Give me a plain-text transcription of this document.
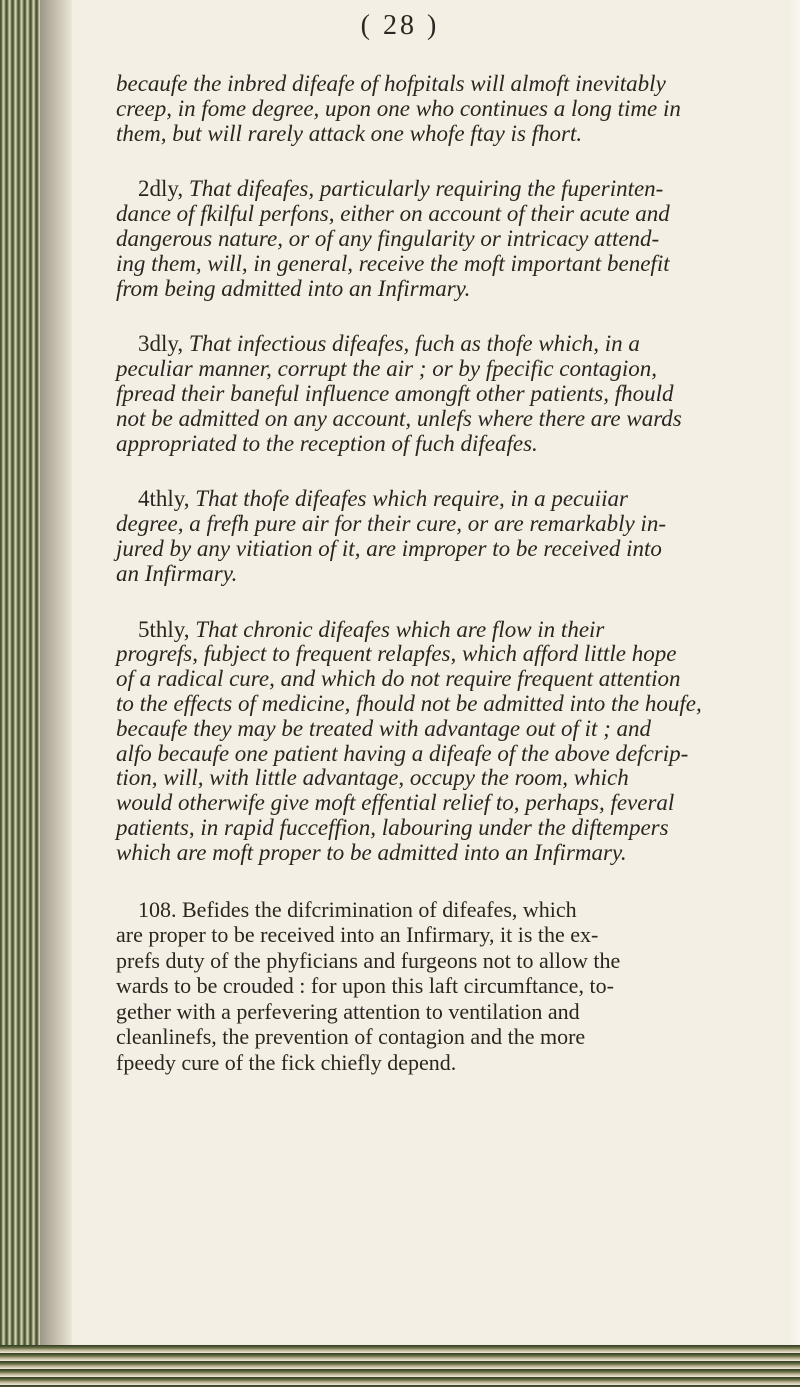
( 28 )
becaufe the inbred difeafe of hofpitals will almoft inevitably
creep, in fome degree, upon one who continues a long time in
them, but will rarely attack one whofe ftay is fhort.
2dly, That difeafes, particularly requiring the fuperinten-
dance of fkilful perfons, either on account of their acute and
dangerous nature, or of any fingularity or intricacy attend-
ing them, will, in general, receive the moft important benefit
from being admitted into an Infirmary.
3dly, That infectious difeafes, fuch as thofe which, in a
peculiar manner, corrupt the air ; or by fpecific contagion,
fpread their baneful influence amongft other patients, fhould
not be admitted on any account, unlefs where there are wards
appropriated to the reception of fuch difeafes.
4thly, That thofe difeafes which require, in a pecuiiar
degree, a frefh pure air for their cure, or are remarkably in-
jured by any vitiation of it, are improper to be received into
an Infirmary.
5thly, That chronic difeafes which are flow in their
progrefs, fubject to frequent relapfes, which afford little hope
of a radical cure, and which do not require frequent attention
to the effects of medicine, fhould not be admitted into the houfe,
becaufe they may be treated with advantage out of it ; and
alfo becaufe one patient having a difeafe of the above defcrip-
tion, will, with little advantage, occupy the room, which
would otherwife give moft effential relief to, perhaps, feveral
patients, in rapid fucceffion, labouring under the diftempers
which are moft proper to be admitted into an Infirmary.
108. Befides the difcrimination of difeafes, which
are proper to be received into an Infirmary, it is the ex-
prefs duty of the phyficians and furgeons not to allow the
wards to be crouded : for upon this laft circumftance, to-
gether with a perfevering attention to ventilation and
cleanlinefs, the prevention of contagion and the more
fpeedy cure of the fick chiefly depend.
